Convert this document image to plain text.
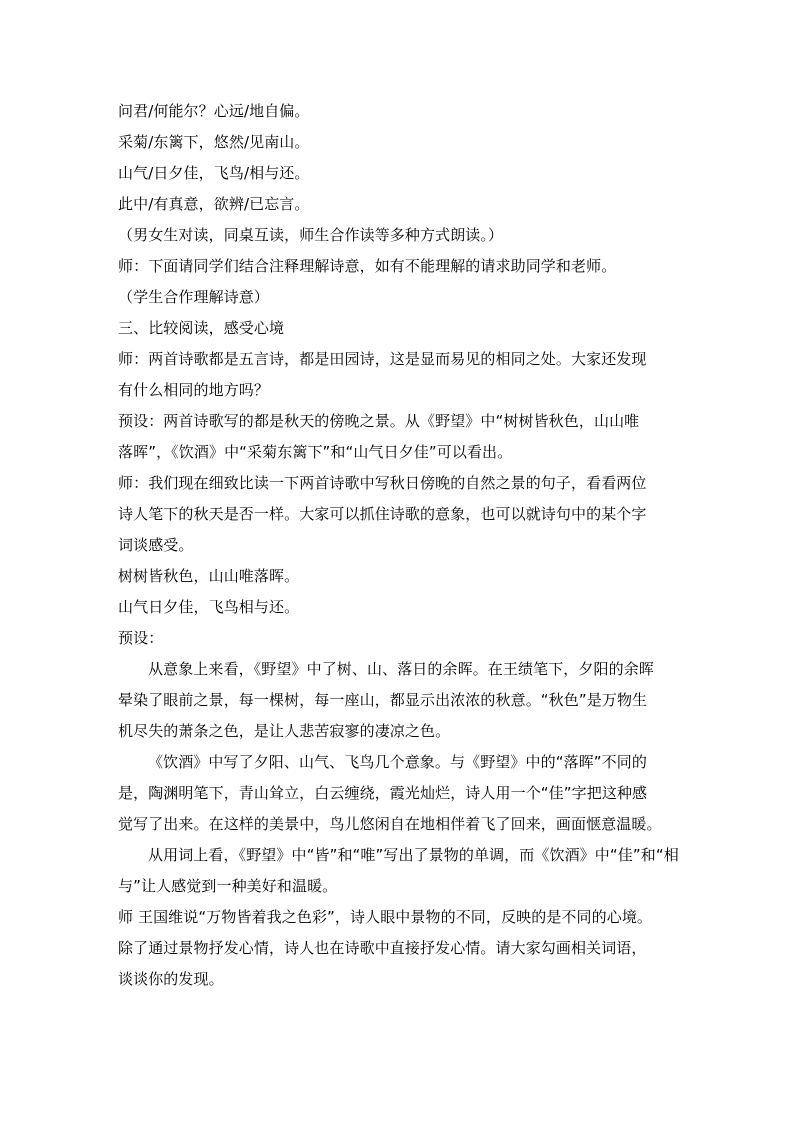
问君/何能尔？心远/地自偏。

采菊/东篱下，悠然/见南山。

山气/日夕佳，飞鸟/相与还。

此中/有真意，欲辨/已忘言。

（男女生对读，同桌互读，师生合作读等多种方式朗读。）

师：下面请同学们结合注释理解诗意，如有不能理解的请求助同学和老师。

（学生合作理解诗意）

三、比较阅读，感受心境

师：两首诗歌都是五言诗，都是田园诗，这是显而易见的相同之处。大家还发现

有什么相同的地方吗？

预设：两首诗歌写的都是秋天的傍晚之景。从《野望》中“树树皆秋色，山山唯

落晖”，《饮酒》中“采菊东篱下”和“山气日夕佳”可以看出。

师：我们现在细致比读一下两首诗歌中写秋日傍晚的自然之景的句子，看看两位

诗人笔下的秋天是否一样。大家可以抓住诗歌的意象，也可以就诗句中的某个字

词谈感受。

树树皆秋色，山山唯落晖。

山气日夕佳，飞鸟相与还。

预设：

从意象上来看，《野望》中了树、山、落日的余晖。在王绩笔下，夕阳的余晖

晕染了眼前之景，每一棵树，每一座山，都显示出浓浓的秋意。“秋色”是万物生

机尽失的萧条之色，是让人悲苦寂寥的凄凉之色。

《饮酒》中写了夕阳、山气、飞鸟几个意象。与《野望》中的“落晖”不同的

是，陶渊明笔下，青山耸立，白云缠绕，霞光灿烂，诗人用一个“佳”字把这种感

觉写了出来。在这样的美景中，鸟儿悠闲自在地相伴着飞了回来，画面惬意温暖。

从用词上看，《野望》中“皆”和“唯”写出了景物的单调，而《饮酒》中“佳”和“相

与”让人感觉到一种美好和温暖。

师 王国维说“万物皆着我之色彩”，诗人眼中景物的不同，反映的是不同的心境。

除了通过景物抒发心情，诗人也在诗歌中直接抒发心情。请大家勾画相关词语，

谈谈你的发现。
